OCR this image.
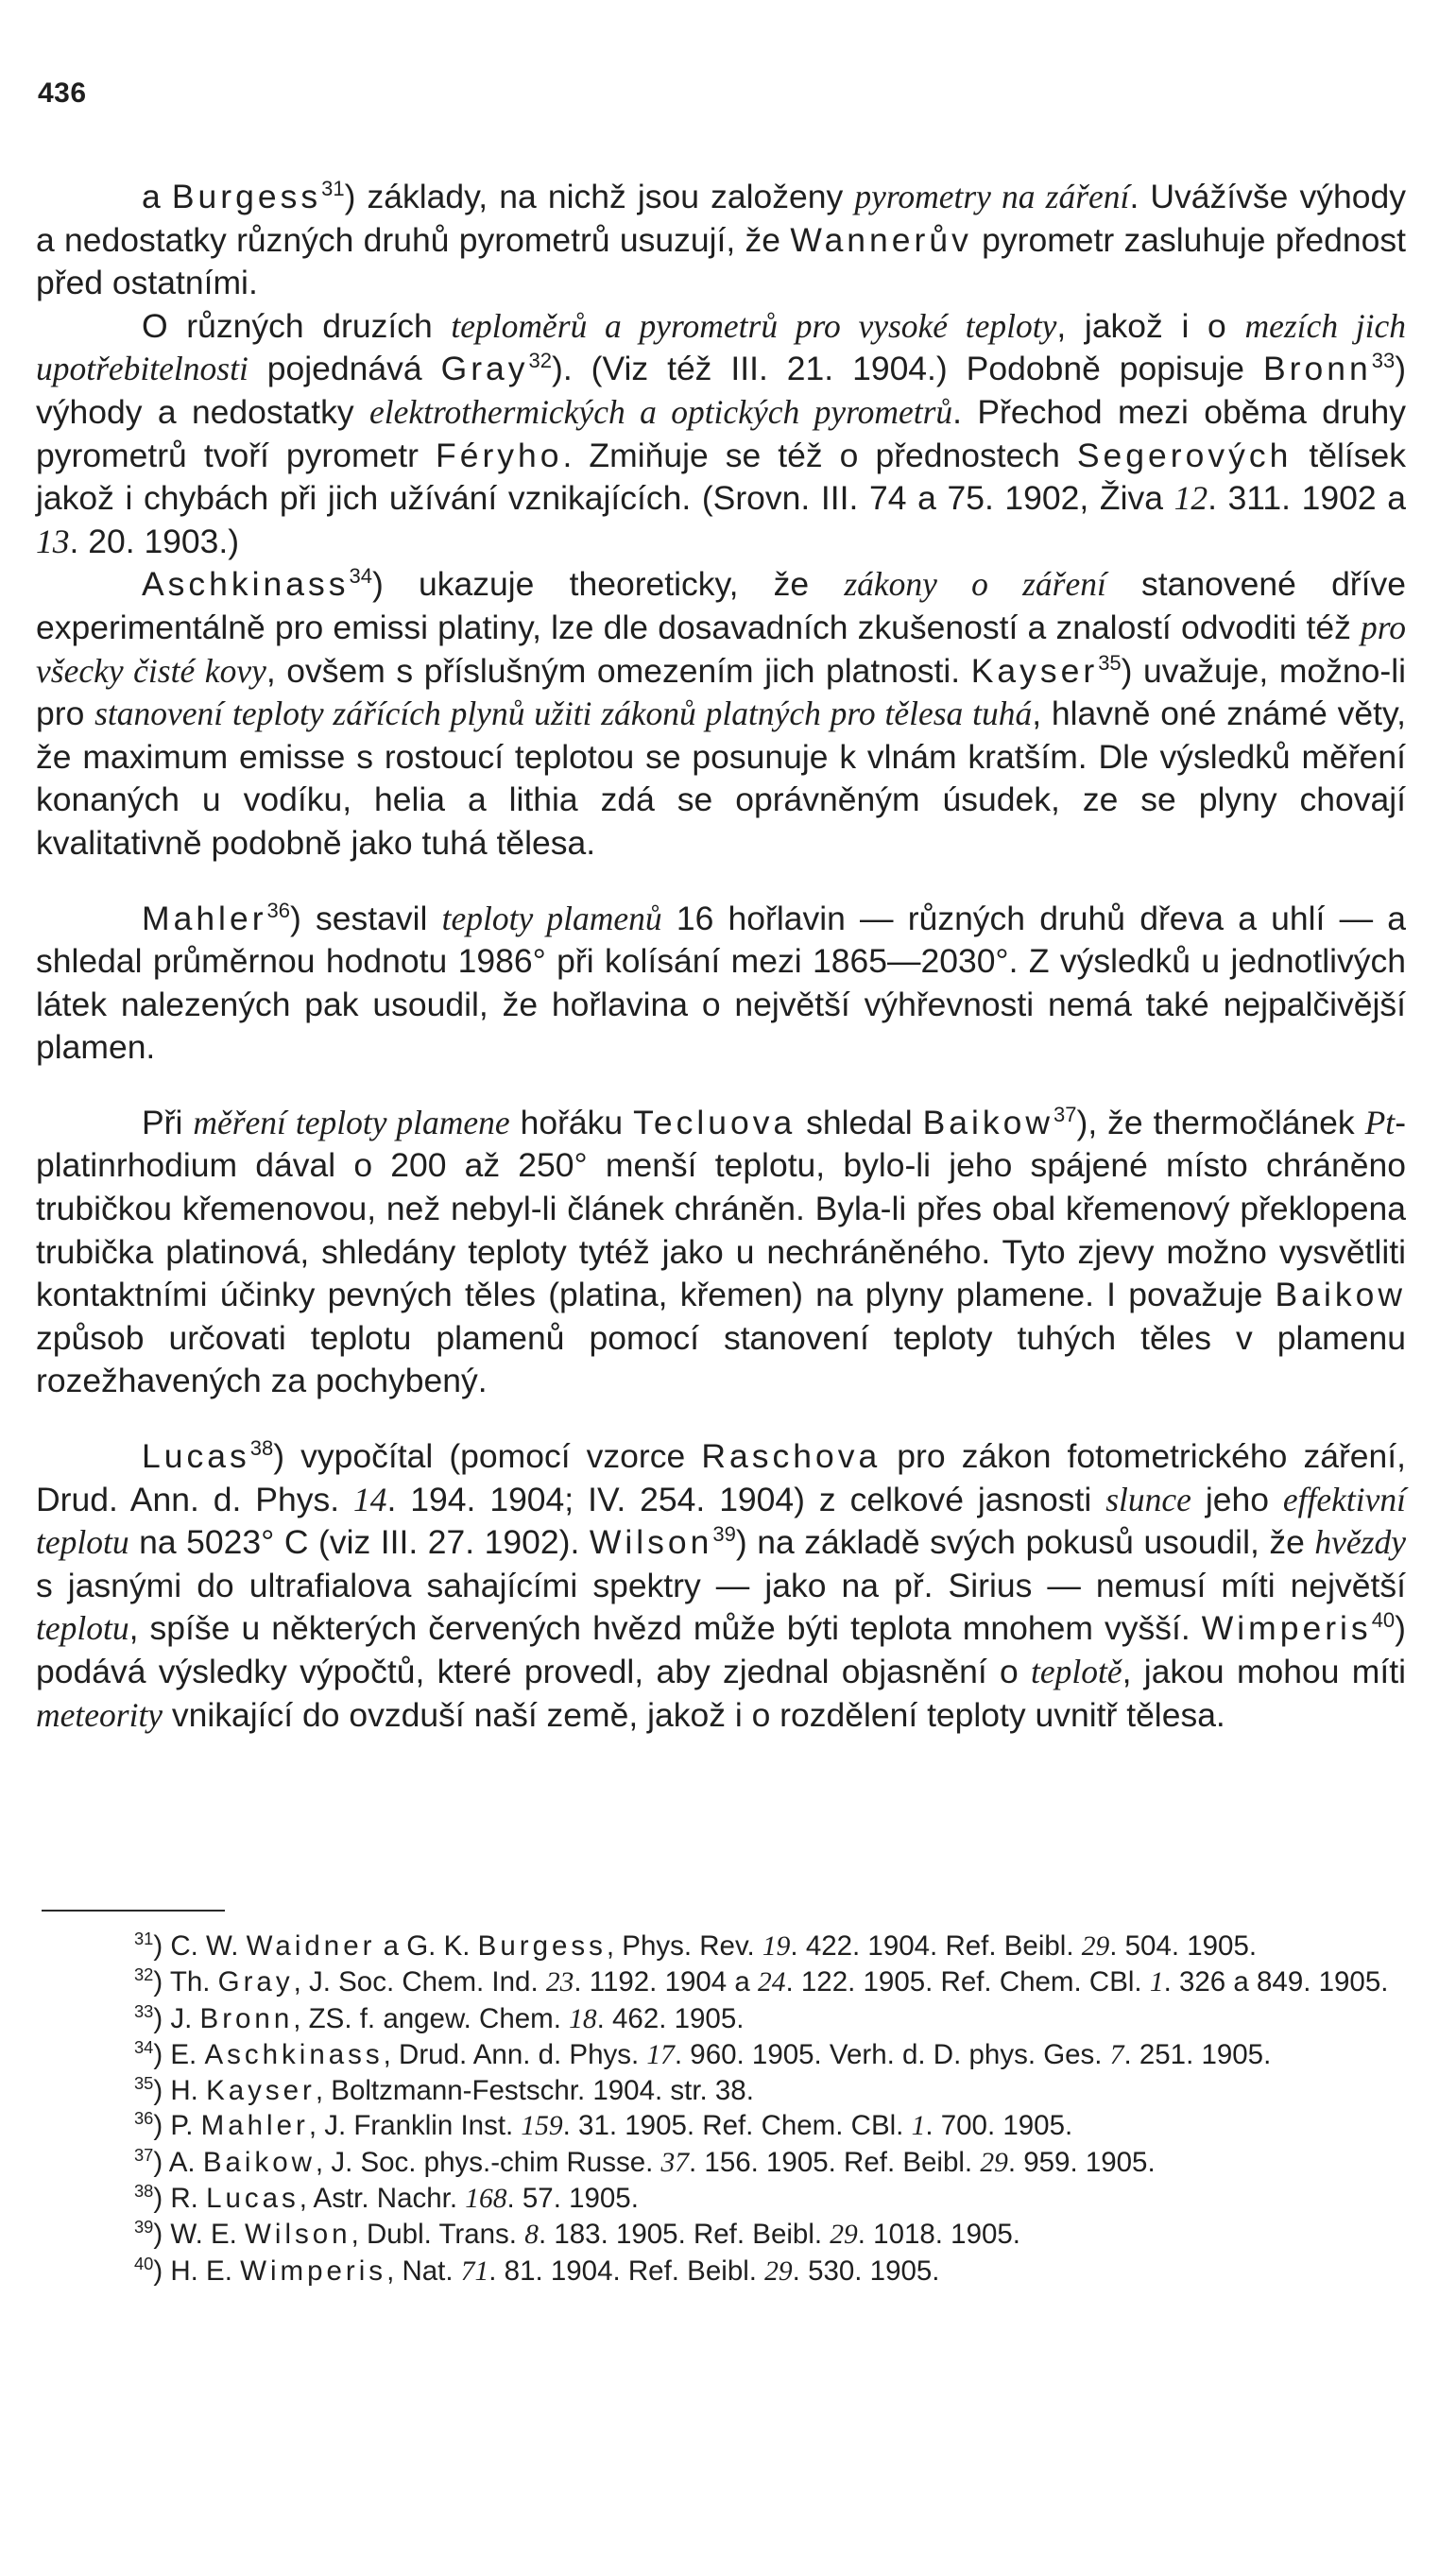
436

a Burgess$^{31}$) základy, na nichž jsou založeny pyrometry na záření. Uvážívše výhody a nedostatky různých druhů pyrometrů usuzují, že Wannerův pyrometr zasluhuje přednost před ostatními.

O různých druzích teploměrů a pyrometrů pro vysoké teploty, jakož i o mezích jich upotřebitelnosti pojednává Gray$^{32}$). (Viz též III. 21. 1904.) Podobně popisuje Bronn$^{33}$) výhody a nedostatky elektrothermických a optických pyrometrů. Přechod mezi oběma druhy pyrometrů tvoří pyrometr Féryho. Zmiňuje se též o přednostech Segerových tělísek jakož i chybách při jich užívání vznikajících. (Srovn. III. 74 a 75. 1902, Živa 12. 311. 1902 a 13. 20. 1903.)

Aschkinass$^{34}$) ukazuje theoreticky, že zákony o záření stanovené dříve experimentálně pro emissi platiny, lze dle dosavadních zkušeností a znalostí odvoditi též pro všecky čisté kovy, ovšem s příslušným omezením jich platnosti. Kayser$^{35}$) uvažuje, možno-li pro stanovení teploty zářících plynů užiti zákonů platných pro tělesa tuhá, hlavně oné známé věty, že maximum emisse s rostoucí teplotou se posunuje k vlnám kratším. Dle výsledků měření konaných u vodíku, helia a lithia zdá se oprávněným úsudek, ze se plyny chovají kvalitativně podobně jako tuhá tělesa.

Mahler$^{36}$) sestavil teploty plamenů 16 hořlavin — různých druhů dřeva a uhlí — a shledal průměrnou hodnotu 1986° při kolísání mezi 1865—2030°. Z výsledků u jednotlivých látek nalezených pak usoudil, že hořlavina o největší výhřevnosti nemá také nejpalčivější plamen.

Při měření teploty plamene hořáku Tecluova shledal Baikow$^{37}$), že thermočlánek Pt-platinrhodium dával o 200 až 250° menší teplotu, bylo-li jeho spájené místo chráněno trubičkou křemenovou, než nebyl-li článek chráněn. Byla-li přes obal křemenový překlopena trubička platinová, shledány teploty tytéž jako u nechráněného. Tyto zjevy možno vysvětliti kontaktními účinky pevných těles (platina, křemen) na plyny plamene. I považuje Baikow způsob určovati teplotu plamenů pomocí stanovení teploty tuhých těles v plamenu rozežhavených za pochybený.

Lucas$^{38}$) vypočítal (pomocí vzorce Raschova pro zákon fotometrického záření, Drud. Ann. d. Phys. 14. 194. 1904; IV. 254. 1904) z celkové jasnosti slunce jeho effektivní teplotu na 5023° C (viz III. 27. 1902). Wilson$^{39}$) na základě svých pokusů usoudil, že hvězdy s jasnými do ultrafialova sahajícími spektry — jako na př. Sirius — nemusí míti největší teplotu, spíše u některých červených hvězd může býti teplota mnohem vyšší. Wimperis$^{40}$) podává výsledky výpočtů, které provedl, aby zjednal objasnění o teplotě, jakou mohou míti meteority vnikající do ovzduší naší země, jakož i o rozdělení teploty uvnitř tělesa.

$^{31}$) C. W. Waidner a G. K. Burgess, Phys. Rev. 19. 422. 1904. Ref. Beibl. 29. 504. 1905.

$^{32}$) Th. Gray, J. Soc. Chem. Ind. 23. 1192. 1904 a 24. 122. 1905. Ref. Chem. CBl. 1. 326 a 849. 1905.

$^{33}$) J. Bronn, ZS. f. angew. Chem. 18. 462. 1905.

$^{34}$) E. Aschkinass, Drud. Ann. d. Phys. 17. 960. 1905. Verh. d. D. phys. Ges. 7. 251. 1905.

$^{35}$) H. Kayser, Boltzmann-Festschr. 1904. str. 38.

$^{36}$) P. Mahler, J. Franklin Inst. 159. 31. 1905. Ref. Chem. CBl. 1. 700. 1905.

$^{37}$) A. Baikow, J. Soc. phys.-chim Russe. 37. 156. 1905. Ref. Beibl. 29. 959. 1905.

$^{38}$) R. Lucas, Astr. Nachr. 168. 57. 1905.

$^{39}$) W. E. Wilson, Dubl. Trans. 8. 183. 1905. Ref. Beibl. 29. 1018. 1905.

$^{40}$) H. E. Wimperis, Nat. 71. 81. 1904. Ref. Beibl. 29. 530. 1905.
